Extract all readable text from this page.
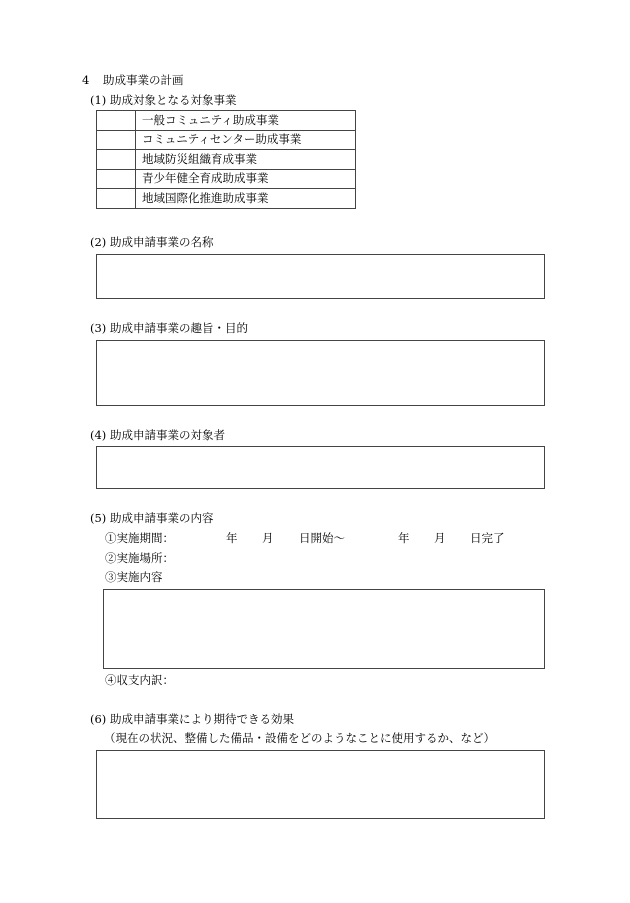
4 助成事業の計画
(1) 助成対象となる対象事業
	一般コミュニティ助成事業
	コミュニティセンター助成事業
	地域防災組織育成事業
	青少年健全育成助成事業
	地域国際化推進助成事業
(2) 助成申請事業の名称
(3) 助成申請事業の趣旨・目的
(4) 助成申請事業の対象者
(5) 助成申請事業の内容
①実施期間：	年 月 日開始～	年 月 日完了
②実施場所：
③実施内容
④収支内訳：
(6) 助成申請事業により期待できる効果
（現在の状況、整備した備品・設備をどのようなことに使用するか、など）
